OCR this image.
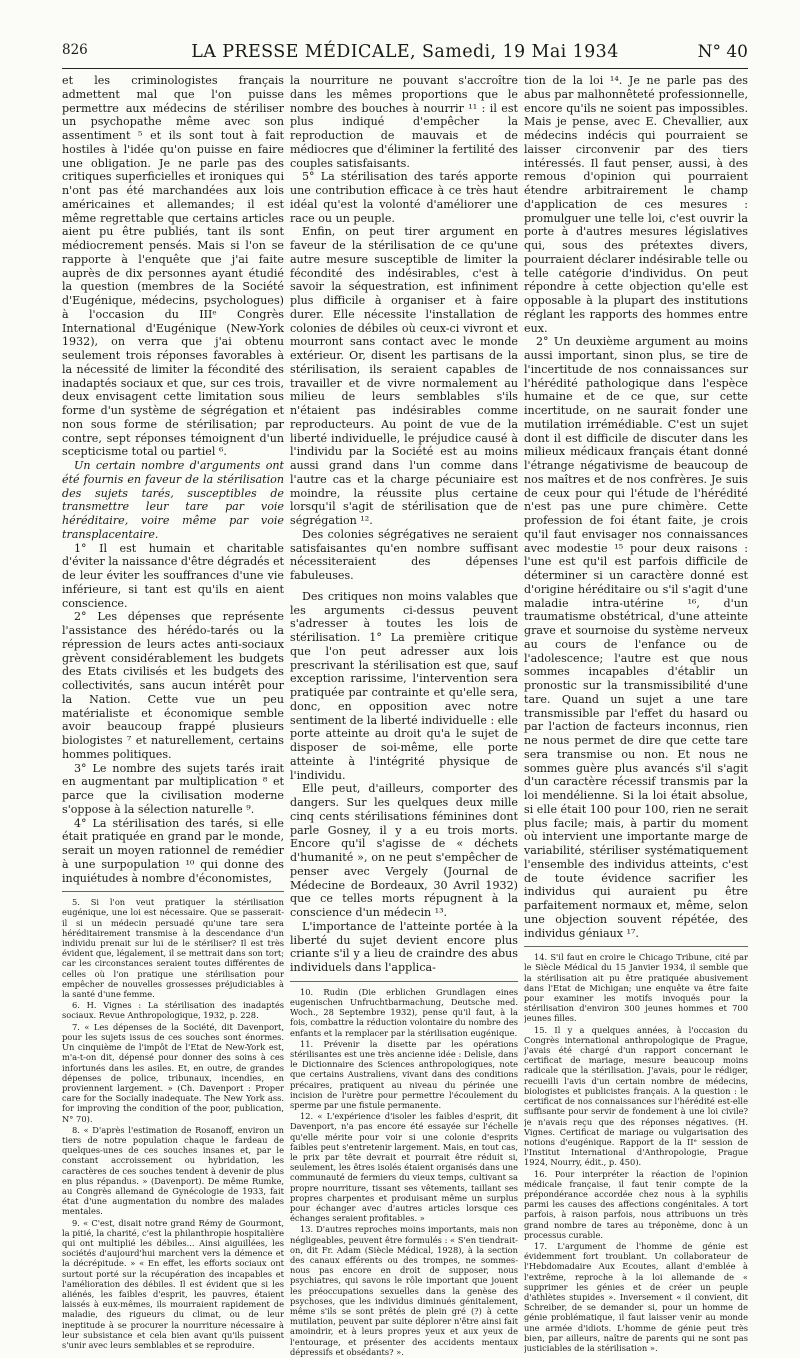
826	LA PRESSE MÉDICALE, Samedi, 19 Mai 1934	N° 40

et les criminologistes français admettent mal que l'on puisse permettre aux médecins de stériliser un psychopathe même avec son assentiment ⁵ et ils sont tout à fait hostiles à l'idée qu'on puisse en faire une obligation. Je ne parle pas des critiques superficielles et ironiques qui n'ont pas été marchandées aux lois américaines et allemandes; il est même regrettable que certains articles aient pu être publiés, tant ils sont médiocrement pensés. Mais si l'on se rapporte à l'enquête que j'ai faite auprès de dix personnes ayant étudié la question (membres de la Société d'Eugénique, médecins, psychologues) à l'occasion du IIIᵉ Congrès International d'Eugénique (New-York 1932), on verra que j'ai obtenu seulement trois réponses favorables à la nécessité de limiter la fécondité des inadaptés sociaux et que, sur ces trois, deux envisagent cette limitation sous forme d'un système de ségrégation et non sous forme de stérilisation; par contre, sept réponses témoignent d'un scepticisme total ou partiel ⁶.

Un certain nombre d'arguments ont été fournis en faveur de la stérilisation des sujets tarés, susceptibles de transmettre leur tare par voie héréditaire, voire même par voie transplacentaire.

1° Il est humain et charitable d'éviter la naissance d'être dégradés et de leur éviter les souffrances d'une vie inférieure, si tant est qu'ils en aient conscience.

2° Les dépenses que représente l'assistance des hérédo-tarés ou la répression de leurs actes anti-sociaux grèvent considérablement les budgets des Etats civilisés et les budgets des collectivités, sans aucun intérêt pour la Nation. Cette vue un peu matérialiste et économique semble avoir beaucoup frappé plusieurs biologistes ⁷ et naturellement, certains hommes politiques.

3° Le nombre des sujets tarés irait en augmentant par multiplication ⁸ et parce que la civilisation moderne s'oppose à la sélection naturelle ⁹.

4° La stérilisation des tarés, si elle était pratiquée en grand par le monde, serait un moyen rationnel de remédier à une surpopulation ¹⁰ qui donne des inquiétudes à nombre d'économistes,

5. Si l'on veut pratiquer la stérilisation eugénique, une loi est nécessaire. Que se passerait-il si un médecin persuadé qu'une tare sera héréditairement transmise à la descendance d'un individu prenait sur lui de le stériliser? Il est très évident que, légalement, il se mettrait dans son tort; car les circonstances seraient toutes différentes de celles où l'on pratique une stérilisation pour empêcher de nouvelles grossesses préjudiciables à la santé d'une femme.

6. H. Vignes : La stérilisation des inadaptés sociaux. Revue Anthropologique, 1932, p. 228.

7. « Les dépenses de la Société, dit Davenport, pour les sujets issus de ces souches sont énormes. Un cinquième de l'impôt de l'Etat de New-York est, m'a-t-on dit, dépensé pour donner des soins à ces infortunés dans les asiles. Et, en outre, de grandes dépenses de police, tribunaux, incendies, en proviennent largement. » (Ch. Davenport : Proper care for the Socially inadequate. The New York ass. for improving the condition of the poor, publication, N° 70).

8. « D'après l'estimation de Rosanoff, environ un tiers de notre population chaque le fardeau de quelques-unes de ces souches insanes et, par le constant accroissement ou hybridation, les caractères de ces souches tendent à devenir de plus en plus répandus. » (Davenport). De même Rumke, au Congrès allemand de Gynécologie de 1933, fait état d'une augmentation du nombre des malades mentales.

9. « C'est, disait notre grand Rémy de Gourmont, la pitié, la charité, c'est la philanthropie hospitalière qui ont multiplié les débiles... Ainsi aiguillées, les sociétés d'aujourd'hui marchent vers la démence et la décrépitude. » « En effet, les efforts sociaux ont surtout porté sur la récupération des incapables et l'amélioration des débiles. Il est évident que si les aliénés, les faibles d'esprit, les pauvres, étaient laissés à eux-mêmes, ils mourraient rapidement de maladie, des rigueurs du climat, ou de leur ineptitude à se procurer la nourriture nécessaire à leur subsistance et cela bien avant qu'ils puissent s'unir avec leurs semblables et se reproduire.

la nourriture ne pouvant s'accroître dans les mêmes proportions que le nombre des bouches à nourrir ¹¹ : il est plus indiqué d'empêcher la reproduction de mauvais et de médiocres que d'éliminer la fertilité des couples satisfaisants.

5° La stérilisation des tarés apporte une contribution efficace à ce très haut idéal qu'est la volonté d'améliorer une race ou un peuple.

Enfin, on peut tirer argument en faveur de la stérilisation de ce qu'une autre mesure susceptible de limiter la fécondité des indésirables, c'est à savoir la séquestration, est infiniment plus difficile à organiser et à faire durer. Elle nécessite l'installation de colonies de débiles où ceux-ci vivront et mourront sans contact avec le monde extérieur. Or, disent les partisans de la stérilisation, ils seraient capables de travailler et de vivre normalement au milieu de leurs semblables s'ils n'étaient pas indésirables comme reproducteurs. Au point de vue de la liberté individuelle, le préjudice causé à l'individu par la Société est au moins aussi grand dans l'un comme dans l'autre cas et la charge pécuniaire est moindre, la réussite plus certaine lorsqu'il s'agit de stérilisation que de ségrégation ¹².

Des colonies ségrégatives ne seraient satisfaisantes qu'en nombre suffisant nécessiteraient des dépenses fabuleuses.

Des critiques non moins valables que les arguments ci-dessus peuvent s'adresser à toutes les lois de stérilisation. 1° La première critique que l'on peut adresser aux lois prescrivant la stérilisation est que, sauf exception rarissime, l'intervention sera pratiquée par contrainte et qu'elle sera, donc, en opposition avec notre sentiment de la liberté individuelle : elle porte atteinte au droit qu'a le sujet de disposer de soi-même, elle porte atteinte à l'intégrité physique de l'individu.

Elle peut, d'ailleurs, comporter des dangers. Sur les quelques deux mille cinq cents stérilisations féminines dont parle Gosney, il y a eu trois morts. Encore qu'il s'agisse de « déchets d'humanité », on ne peut s'empêcher de penser avec Vergely (Journal de Médecine de Bordeaux, 30 Avril 1932) que ce telles morts répugnent à la conscience d'un médecin ¹³.

L'importance de l'atteinte portée à la liberté du sujet devient encore plus criante s'il y a lieu de craindre des abus individuels dans l'applica-

10. Rudin (Die erblichen Grundlagen eines eugenischen Unfruchtbarmachung, Deutsche med. Woch., 28 Septembre 1932), pense qu'il faut, à la fois, combattre la réduction volontaire du nombre des enfants et la remplacer par la stérilisation eugénique.

11. Prévenir la disette par les opérations stérilisantes est une très ancienne idée : Delisle, dans le Dictionnaire des Sciences anthropologiques, note que certains Australiens, vivant dans des conditions précaires, pratiquent au niveau du périnée une incision de l'urètre pour permettre l'écoulement du sperme par une fistule permanente.

12. « L'expérience d'isoler les faibles d'esprit, dit Davenport, n'a pas encore été essayée sur l'échelle qu'elle mérite pour voir si une colonie d'esprits faibles peut s'entretenir largement. Mais, en tout cas, le prix par tête devrait et pourrait être réduit si, seulement, les êtres isolés étaient organisés dans une communauté de fermiers du vieux temps, cultivant sa propre nourriture, tissant ses vêtements, taillant ses propres charpentes et produisant même un surplus pour échanger avec d'autres articles lorsque ces échanges seraient profitables. »

13. D'autres reproches moins importants, mais non négligeables, peuvent être formulés : « S'en tiendrait-on, dit Fr. Adam (Siècle Médical, 1928), à la section des canaux efférents ou des trompes, ne sommes-nous pas encore en droit de supposer, nous psychiatres, qui savons le rôle important que jouent les préoccupations sexuelles dans la genèse des psychoses, que les individus diminués génitalement, même s'ils se sont prêtés de plein gré (?) à cette mutilation, peuvent par suite déplorer n'être ainsi fait amoindrir, et à leurs propres yeux et aux yeux de l'entourage, et présenter des accidents mentaux dépressifs et obsédants? ».

tion de la loi ¹⁴. Je ne parle pas des abus par malhonnêteté professionnelle, encore qu'ils ne soient pas impossibles. Mais je pense, avec E. Chevallier, aux médecins indécis qui pourraient se laisser circonvenir par des tiers intéressés. Il faut penser, aussi, à des remous d'opinion qui pourraient étendre arbitrairement le champ d'application de ces mesures : promulguer une telle loi, c'est ouvrir la porte à d'autres mesures législatives qui, sous des prétextes divers, pourraient déclarer indésirable telle ou telle catégorie d'individus. On peut répondre à cette objection qu'elle est opposable à la plupart des institutions réglant les rapports des hommes entre eux.

2° Un deuxième argument au moins aussi important, sinon plus, se tire de l'incertitude de nos connaissances sur l'hérédité pathologique dans l'espèce humaine et de ce que, sur cette incertitude, on ne saurait fonder une mutilation irrémédiable. C'est un sujet dont il est difficile de discuter dans les milieux médicaux français étant donné l'étrange négativisme de beaucoup de nos maîtres et de nos confrères. Je suis de ceux pour qui l'étude de l'hérédité n'est pas une pure chimère. Cette profession de foi étant faite, je crois qu'il faut envisager nos connaissances avec modestie ¹⁵ pour deux raisons : l'une est qu'il est parfois difficile de déterminer si un caractère donné est d'origine héréditaire ou s'il s'agit d'une maladie intra-utérine ¹⁶, d'un traumatisme obstétrical, d'une atteinte grave et sournoise du système nerveux au cours de l'enfance ou de l'adolescence; l'autre est que nous sommes incapables d'établir un pronostic sur la transmissibilité d'une tare. Quand un sujet a une tare transmissible par l'effet du hasard ou par l'action de facteurs inconnus, rien ne nous permet de dire que cette tare sera transmise ou non. Et nous ne sommes guère plus avancés s'il s'agit d'un caractère récessif transmis par la loi mendélienne. Si la loi était absolue, si elle était 100 pour 100, rien ne serait plus facile; mais, à partir du moment où intervient une importante marge de variabilité, stériliser systématiquement l'ensemble des individus atteints, c'est de toute évidence sacrifier les individus qui auraient pu être parfaitement normaux et, même, selon une objection souvent répétée, des individus géniaux ¹⁷.

14. S'il faut en croire le Chicago Tribune, cité par le Siècle Médical du 15 Janvier 1934, il semble que la stérilisation ait pu être pratiquée abusivement dans l'Etat de Michigan; une enquête va être faite pour examiner les motifs invoqués pour la stérilisation d'environ 300 jeunes hommes et 700 jeunes filles.

15. Il y a quelques années, à l'occasion du Congrès international anthropologique de Prague, j'avais été chargé d'un rapport concernant le certificat de mariage, mesure beaucoup moins radicale que la stérilisation. J'avais, pour le rédiger, recueilli l'avis d'un certain nombre de médecins, biologistes et publicistes français. A la question : le certificat de nos connaissances sur l'hérédité est-elle suffisante pour servir de fondement à une loi civile? je n'avais reçu que des réponses négatives. (H. Vignes. Certificat de mariage ou vulgarisation des notions d'eugénique. Rapport de la IIᵉ session de l'Institut International d'Anthropologie, Prague 1924, Nourry, édit., p. 450).

16. Pour interpréter la réaction de l'opinion médicale française, il faut tenir compte de la prépondérance accordée chez nous à la syphilis parmi les causes des affections congénitales. A tort parfois, à raison parfois, nous attribuons un très grand nombre de tares au tréponème, donc à un processus curable.

17. L'argument de l'homme de génie est évidemment fort troublant. Un collaborateur de l'Hebdomadaire Aux Ecoutes, allant d'emblée à l'extrême, reproche à la loi allemande de « supprimer les génies et de créer un peuple d'athlètes stupides ». Inversement « il convient, dit Schreiber, de se demander si, pour un homme de génie problématique, il faut laisser venir au monde une armée d'idiots. L'homme de génie peut très bien, par ailleurs, naître de parents qui ne sont pas justiciables de la stérilisation ».
